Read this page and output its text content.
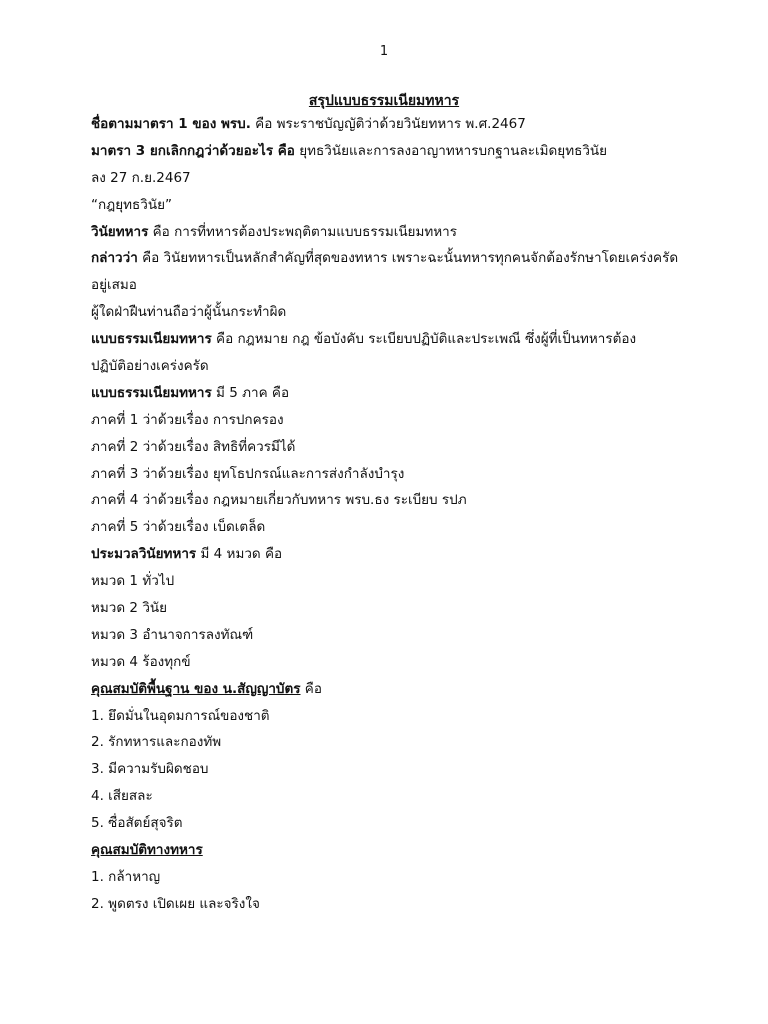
1
สรุปแบบธรรมเนียมทหาร
ชื่อตามมาตรา 1 ของ พรบ. คือ พระราชบัญญัติว่าด้วยวินัยทหาร พ.ศ.2467
มาตรา 3 ยกเลิกกฎว่าด้วยอะไร คือ ยุทธวินัยและการลงอาญาทหารบกฐานละเมิดยุทธวินัย
ลง 27 ก.ย.2467
“กฎยุทธวินัย”
วินัยทหาร คือ การที่ทหารต้องประพฤติตามแบบธรรมเนียมทหาร
กล่าวว่า คือ วินัยทหารเป็นหลักสำคัญที่สุดของทหาร เพราะฉะนั้นทหารทุกคนจักต้องรักษาโดยเคร่งครัด
อยู่เสมอ
ผู้ใดฝ่าฝืนท่านถือว่าผู้นั้นกระทำผิด
แบบธรรมเนียมทหาร คือ กฎหมาย กฎ ข้อบังคับ ระเบียบปฏิบัติและประเพณี ซึ่งผู้ที่เป็นทหารต้อง
ปฏิบัติอย่างเคร่งครัด
แบบธรรมเนียมทหาร มี 5 ภาค คือ
ภาคที่ 1 ว่าด้วยเรื่อง การปกครอง
ภาคที่ 2 ว่าด้วยเรื่อง สิทธิที่ควรมีได้
ภาคที่ 3 ว่าด้วยเรื่อง ยุทโธปกรณ์และการส่งกำลังบำรุง
ภาคที่ 4 ว่าด้วยเรื่อง กฎหมายเกี่ยวกับทหาร พรบ.ธง ระเบียบ รปภ
ภาคที่ 5 ว่าด้วยเรื่อง เบ็ดเตล็ด
ประมวลวินัยทหาร มี 4 หมวด คือ
หมวด 1 ทั่วไป
หมวด 2 วินัย
หมวด 3 อำนาจการลงทัณฑ์
หมวด 4 ร้องทุกข์
คุณสมบัติพื้นฐาน ของ น.สัญญาบัตร คือ
1. ยึดมั่นในอุดมการณ์ของชาติ
2. รักทหารและกองทัพ
3. มีความรับผิดชอบ
4. เสียสละ
5. ซื่อสัตย์สุจริต
คุณสมบัติทางทหาร
1. กล้าหาญ
2. พูดตรง เปิดเผย และจริงใจ
